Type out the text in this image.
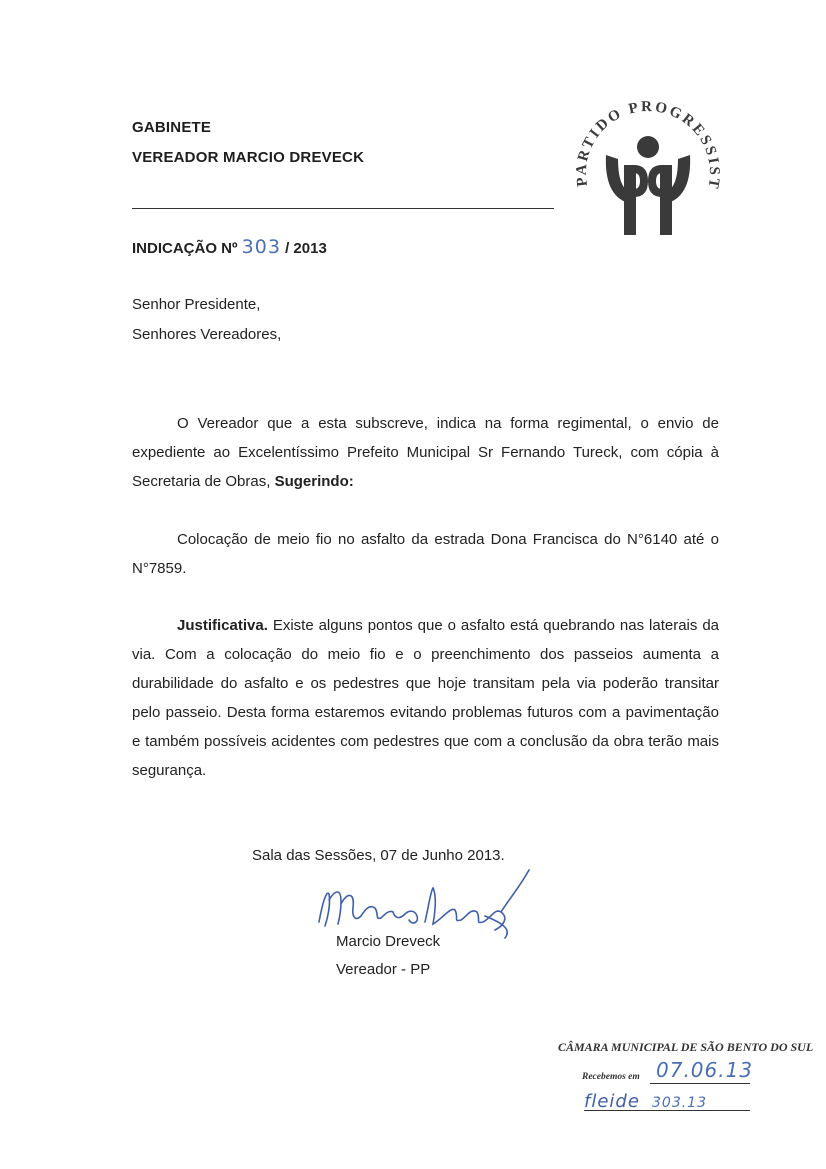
GABINETE
VEREADOR MARCIO DREVECK
PARTIDO PROGRESSIST
INDICAÇÃO Nº 303 / 2013
Senhor Presidente,
Senhores Vereadores,
O Vereador que a esta subscreve, indica na forma regimental, o envio de expediente ao Excelentíssimo Prefeito Municipal Sr Fernando Tureck, com cópia à Secretaria de Obras, Sugerindo:
Colocação de meio fio no asfalto da estrada Dona Francisca do N°6140 até o N°7859.
Justificativa. Existe alguns pontos que o asfalto está quebrando nas laterais da via. Com a colocação do meio fio e o preenchimento dos passeios aumenta a durabilidade do asfalto e os pedestres que hoje transitam pela via poderão transitar pelo passeio. Desta forma estaremos evitando problemas futuros com a pavimentação e também possíveis acidentes com pedestres que com a conclusão da obra terão mais segurança.
Sala das Sessões, 07 de Junho 2013.
Marcio Dreveck
Vereador - PP
CÂMARA MUNICIPAL DE SÃO BENTO DO SUL
Recebemos em 07.06.13
fleide 303.13
